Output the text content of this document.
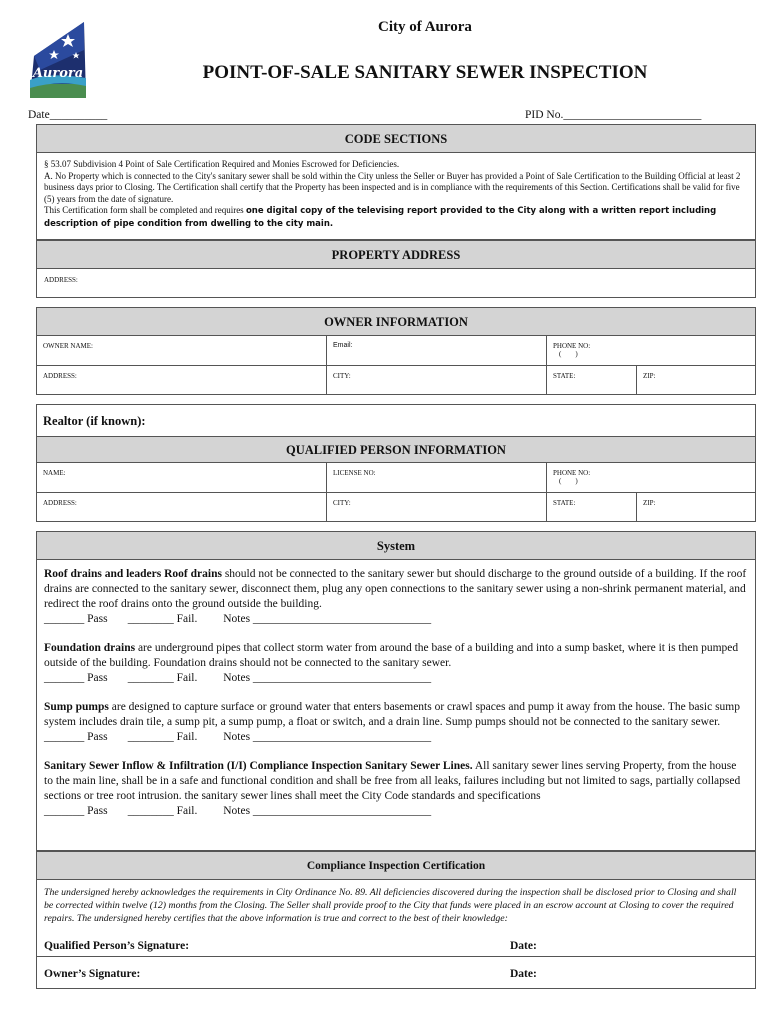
Aurora
City of Aurora
POINT-OF-SALE SANITARY SEWER INSPECTION
Date__________	PID No.________________________
CODE SECTIONS
§ 53.07 Subdivision 4 Point of Sale Certification Required and Monies Escrowed for Deficiencies.
A. No Property which is connected to the City's sanitary sewer shall be sold within the City unless the Seller or Buyer has provided a Point of Sale Certification to the Building Official at least 2 business days prior to Closing. The Certification shall certify that the Property has been inspected and is in compliance with the requirements of this Section. Certifications shall be valid for five (5) years from the date of signature.
This Certification form shall be completed and requires one digital copy of the televising report provided to the City along with a written report including description of pipe condition from dwelling to the city main.
PROPERTY ADDRESS
ADDRESS:
OWNER INFORMATION
OWNER NAME:	Email:	PHONE NO:
(        )
ADDRESS:	CITY:	STATE:	ZIP:
Realtor (if known):
QUALIFIED PERSON INFORMATION
NAME:	LICENSE NO:	PHONE NO:
(        )
ADDRESS:	CITY:	STATE:	ZIP:
System
Roof drains and leaders Roof drains should not be connected to the sanitary sewer but should discharge to the ground outside of a building. If the roof drains are connected to the sanitary sewer, disconnect them, plug any open connections to the sanitary sewer using a non-shrink permanent material, and redirect the roof drains onto the ground outside the building.
_______ Pass       ________ Fail.         Notes _______________________________
Foundation drains are underground pipes that collect storm water from around the base of a building and into a sump basket, where it is then pumped outside of the building. Foundation drains should not be connected to the sanitary sewer.
_______ Pass       ________ Fail.         Notes _______________________________
Sump pumps are designed to capture surface or ground water that enters basements or crawl spaces and pump it away from the house. The basic sump system includes drain tile, a sump pit, a sump pump, a float or switch, and a drain line. Sump pumps should not be connected to the sanitary sewer.
_______ Pass       ________ Fail.         Notes _______________________________
Sanitary Sewer Inflow & Infiltration (I/I) Compliance Inspection Sanitary Sewer Lines. All sanitary sewer lines serving Property, from the house to the main line, shall be in a safe and functional condition and shall be free from all leaks, failures including but not limited to sags, partially collapsed sections or tree root intrusion. the sanitary sewer lines shall meet the City Code standards and specifications
_______ Pass       ________ Fail.         Notes _______________________________
Compliance Inspection Certification
The undersigned hereby acknowledges the requirements in City Ordinance No. 89. All deficiencies discovered during the inspection shall be disclosed prior to Closing and shall be corrected within twelve (12) months from the Closing. The Seller shall provide proof to the City that funds were placed in an escrow account at Closing to cover the required repairs. The undersigned hereby certifies that the above information is true and correct to the best of their knowledge:
Qualified Person’s Signature:	Date:
Owner’s Signature:	Date:
